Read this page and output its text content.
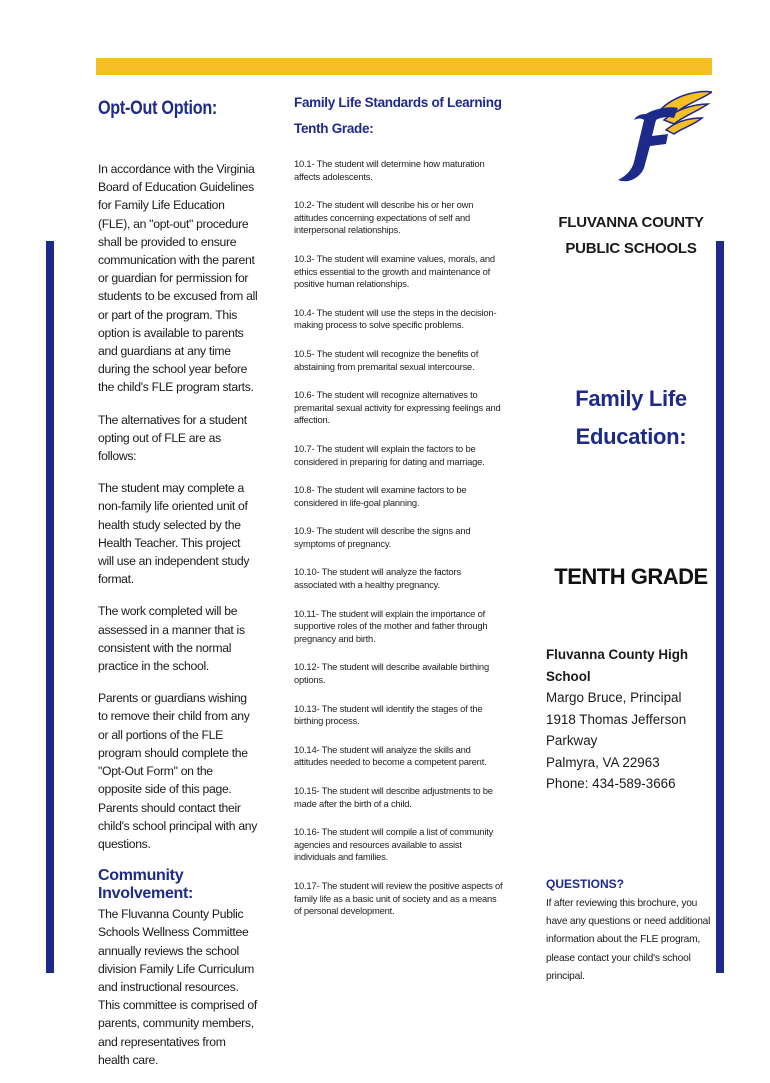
Opt-Out Option:

In accordance with the Virginia Board of Education Guidelines for Family Life Education (FLE), an "opt-out" procedure shall be provided to ensure communication with the parent or guardian for permission for students to be excused from all or part of the program. This option is available to parents and guardians at any time during the school year before the child's FLE program starts.

The alternatives for a student opting out of FLE are as follows:

The student may complete a non-family life oriented unit of health study selected by the Health Teacher. This project will use an independent study format.

The work completed will be assessed in a manner that is consistent with the normal practice in the school.

Parents or guardians wishing to remove their child from any or all portions of the FLE program should complete the "Opt-Out Form" on the opposite side of this page. Parents should contact their child's school principal with any questions.

Community Involvement:

The Fluvanna County Public Schools Wellness Committee annually reviews the school division Family Life Curriculum and instructional resources. This committee is comprised of parents, community members, and representatives from health care.

Family Life Standards of Learning
Tenth Grade:
10.1- The student will determine how maturation affects adolescents.
10.2- The student will describe his or her own attitudes concerning expectations of self and interpersonal relationships.
10.3- The student will examine values, morals, and ethics essential to the growth and maintenance of positive human relationships.
10.4- The student will use the steps in the decision-making process to solve specific problems.
10.5- The student will recognize the benefits of abstaining from premarital sexual intercourse.
10.6- The student will recognize alternatives to premarital sexual activity for expressing feelings and affection.
10.7- The student will explain the factors to be considered in preparing for dating and marriage.
10.8- The student will examine factors to be considered in life-goal planning.
10.9- The student will describe the signs and symptoms of pregnancy.
10.10- The student will analyze the factors associated with a healthy pregnancy.
10.11- The student will explain the importance of supportive roles of the mother and father through pregnancy and birth.
10.12- The student will describe available birthing options.
10.13- The student will identify the stages of the birthing process.
10.14- The student will analyze the skills and attitudes needed to become a competent parent.
10.15- The student will describe adjustments to be made after the birth of a child.
10.16- The student will compile a list of community agencies and resources available to assist individuals and families.
10.17- The student will review the positive aspects of family life as a basic unit of society and as a means of personal development.
FLUVANNA COUNTY
PUBLIC SCHOOLS
Family Life
Education:
TENTH GRADE
Fluvanna County High School
Margo Bruce, Principal
1918 Thomas Jefferson Parkway
Palmyra, VA 22963
Phone: 434-589-3666
QUESTIONS?
If after reviewing this brochure, you have any questions or need additional information about the FLE program, please contact your child's school principal.
